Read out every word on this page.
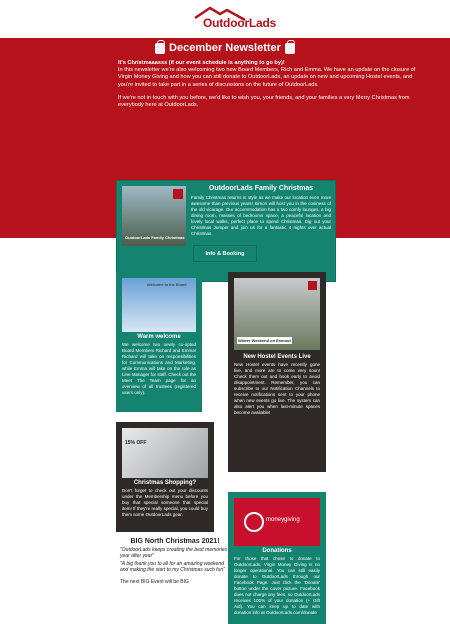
OutdoorLads
December Newsletter

It's Christmaaasss (if our event schedule is anything to go by)!

In this newsletter we're also welcoming two new Board Members, Rich and Emma. We have an update on the closure of Virgin Money Giving and how you can still donate to OutdoorLads, an update on new and upcoming Hostel events, and you're invited to take part in a series of discussions on the future of OutdoorLads.

If we're not in touch with you before, we'd like to wish you, your friends, and your families a very Merry Christmas from everybody here at OutdoorLads.

OutdoorLads Family Christmas
OutdoorLads Family Christmas
Family Christmas returns in style as we make our location even more awesome than previous years! Simon will host you in the cosiness of the old vicarage. Our accommodation has a two comfy lounges, a big dining room, masses of bedrooms space, a peaceful location and lovely local walks, perfect place to spend Christmas. Dig out your Christmas Jumper and join us for a fantastic 4 nights over actual Christmas.
Info & Booking
Welcome to the Board
Warm welcome
We welcome two newly co-opted Board Members Richard and Emma! Richard will take on responsibilities for Communications and Marketing, while Emma will take on the role as Line Manager for staff. Check out the Meet The Team page for an overview of all trustees (registered users only).
Winter Weekend on Exmoor
New Hostel Events Live
New Hostel events have recently gone live, and more are to come very soon! Check them out and book early to avoid disappointment. Remember, you can subscribe to our Notification Channels to receive notifications sent to your phone when new events go live. The system can also alert you when last-minute spaces become available!
15% OFF
Christmas Shopping?
Don't forget to check out your discounts under the Membership menu before you buy that special someone that special item! If they're really special, you could buy them some OutdoorLads gear.
moneygiving
Donations
For those that chose to donate to OutdoorLads, Virgin Money Giving is no longer operational. You can still easily donate to OutdoorLads through our Facebook Page. Just click the 'Donate' button under the cover picture. Facebook does not charge any fees, so OutdoorLads receives 100% of your donation (+ Gift Aid). You can keep up to date with donation info at OutdoorLads.com/donate
BIG North Christmas 2021!

"OutdoorLads keeps creating the best memories year after year"

"A big thank you to all for an amazing weekend and making the start to my Christmas such fun"

The next BIG Event will be BIG
